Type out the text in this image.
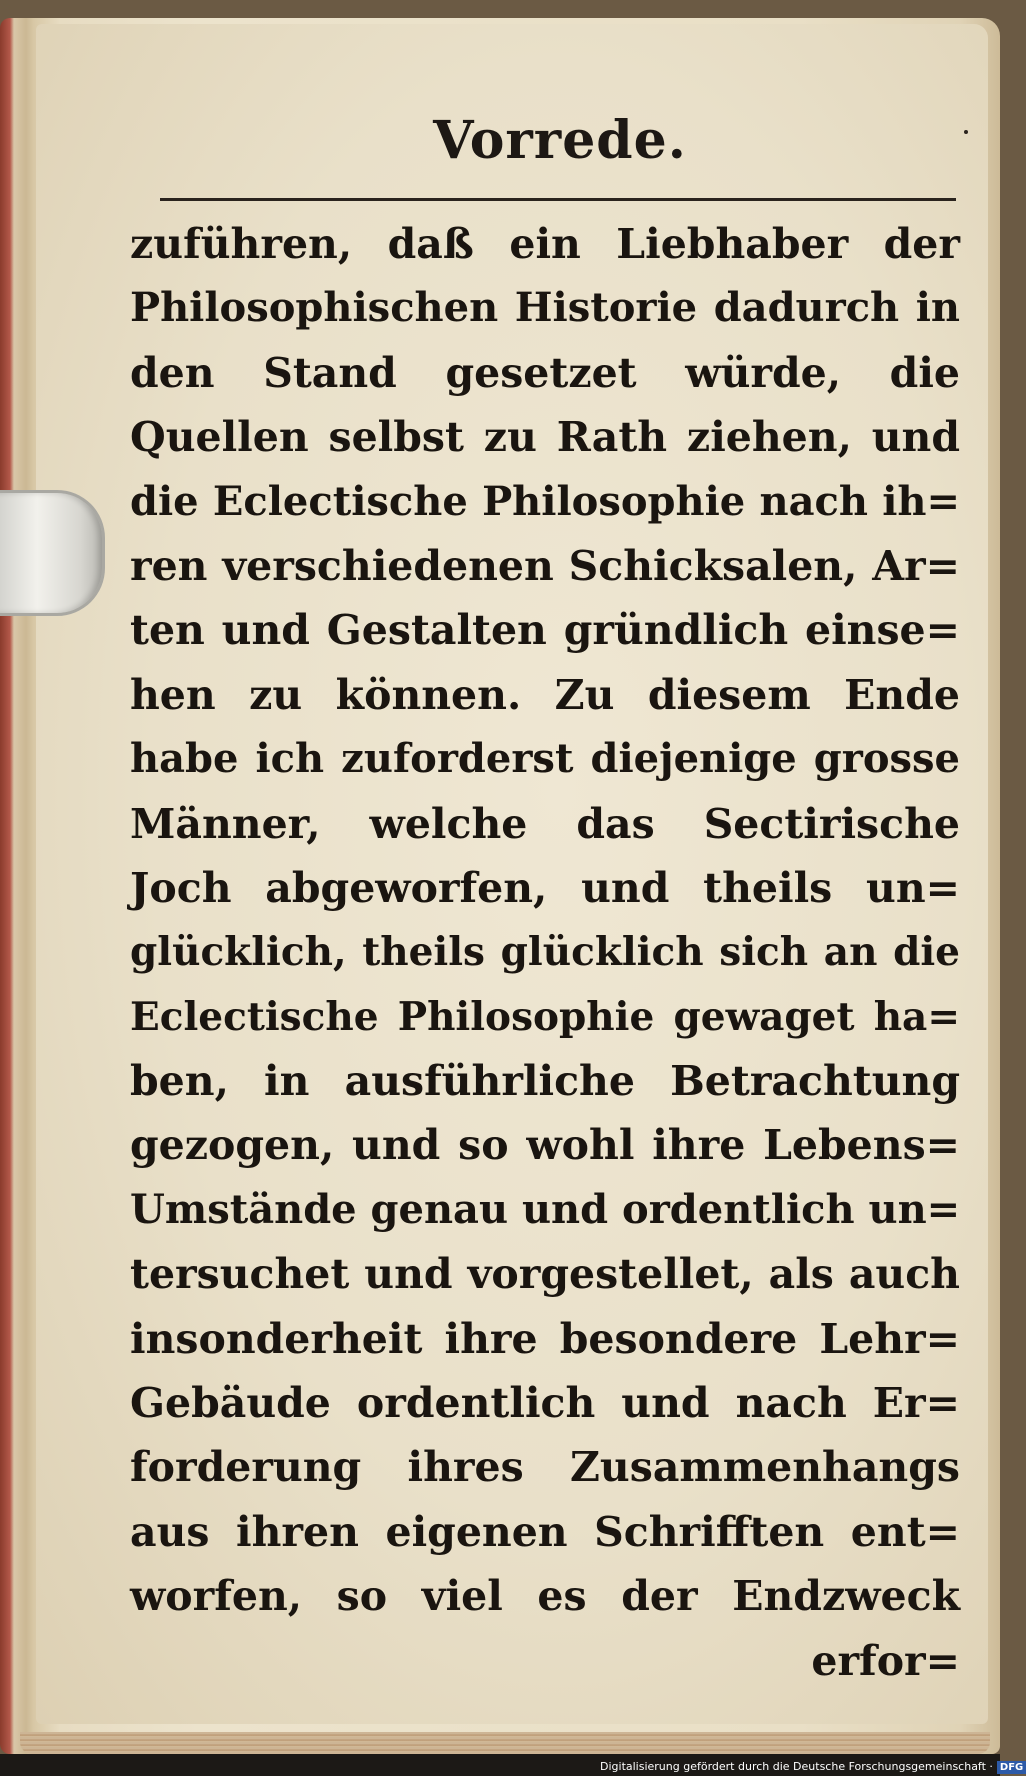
Vorrede.
zuführen, daß ein Liebhaber der
Philosophischen Historie dadurch in
den Stand gesetzet würde, die
Quellen selbst zu Rath ziehen, und
die Eclectische Philosophie nach ih=
ren verschiedenen Schicksalen, Ar=
ten und Gestalten gründlich einse=
hen zu können. Zu diesem Ende
habe ich zuforderst diejenige grosse
Männer, welche das Sectirische
Joch abgeworfen, und theils un=
glücklich, theils glücklich sich an die
Eclectische Philosophie gewaget ha=
ben, in ausführliche Betrachtung
gezogen, und so wohl ihre Lebens=
Umstände genau und ordentlich un=
tersuchet und vorgestellet, als auch
insonderheit ihre besondere Lehr=
Gebäude ordentlich und nach Er=
forderung ihres Zusammenhangs
aus ihren eigenen Schrifften ent=
worfen, so viel es der Endzweck
erfor=
Digitalisierung gefördert durch die Deutsche Forschungsgemeinschaft · DFG
